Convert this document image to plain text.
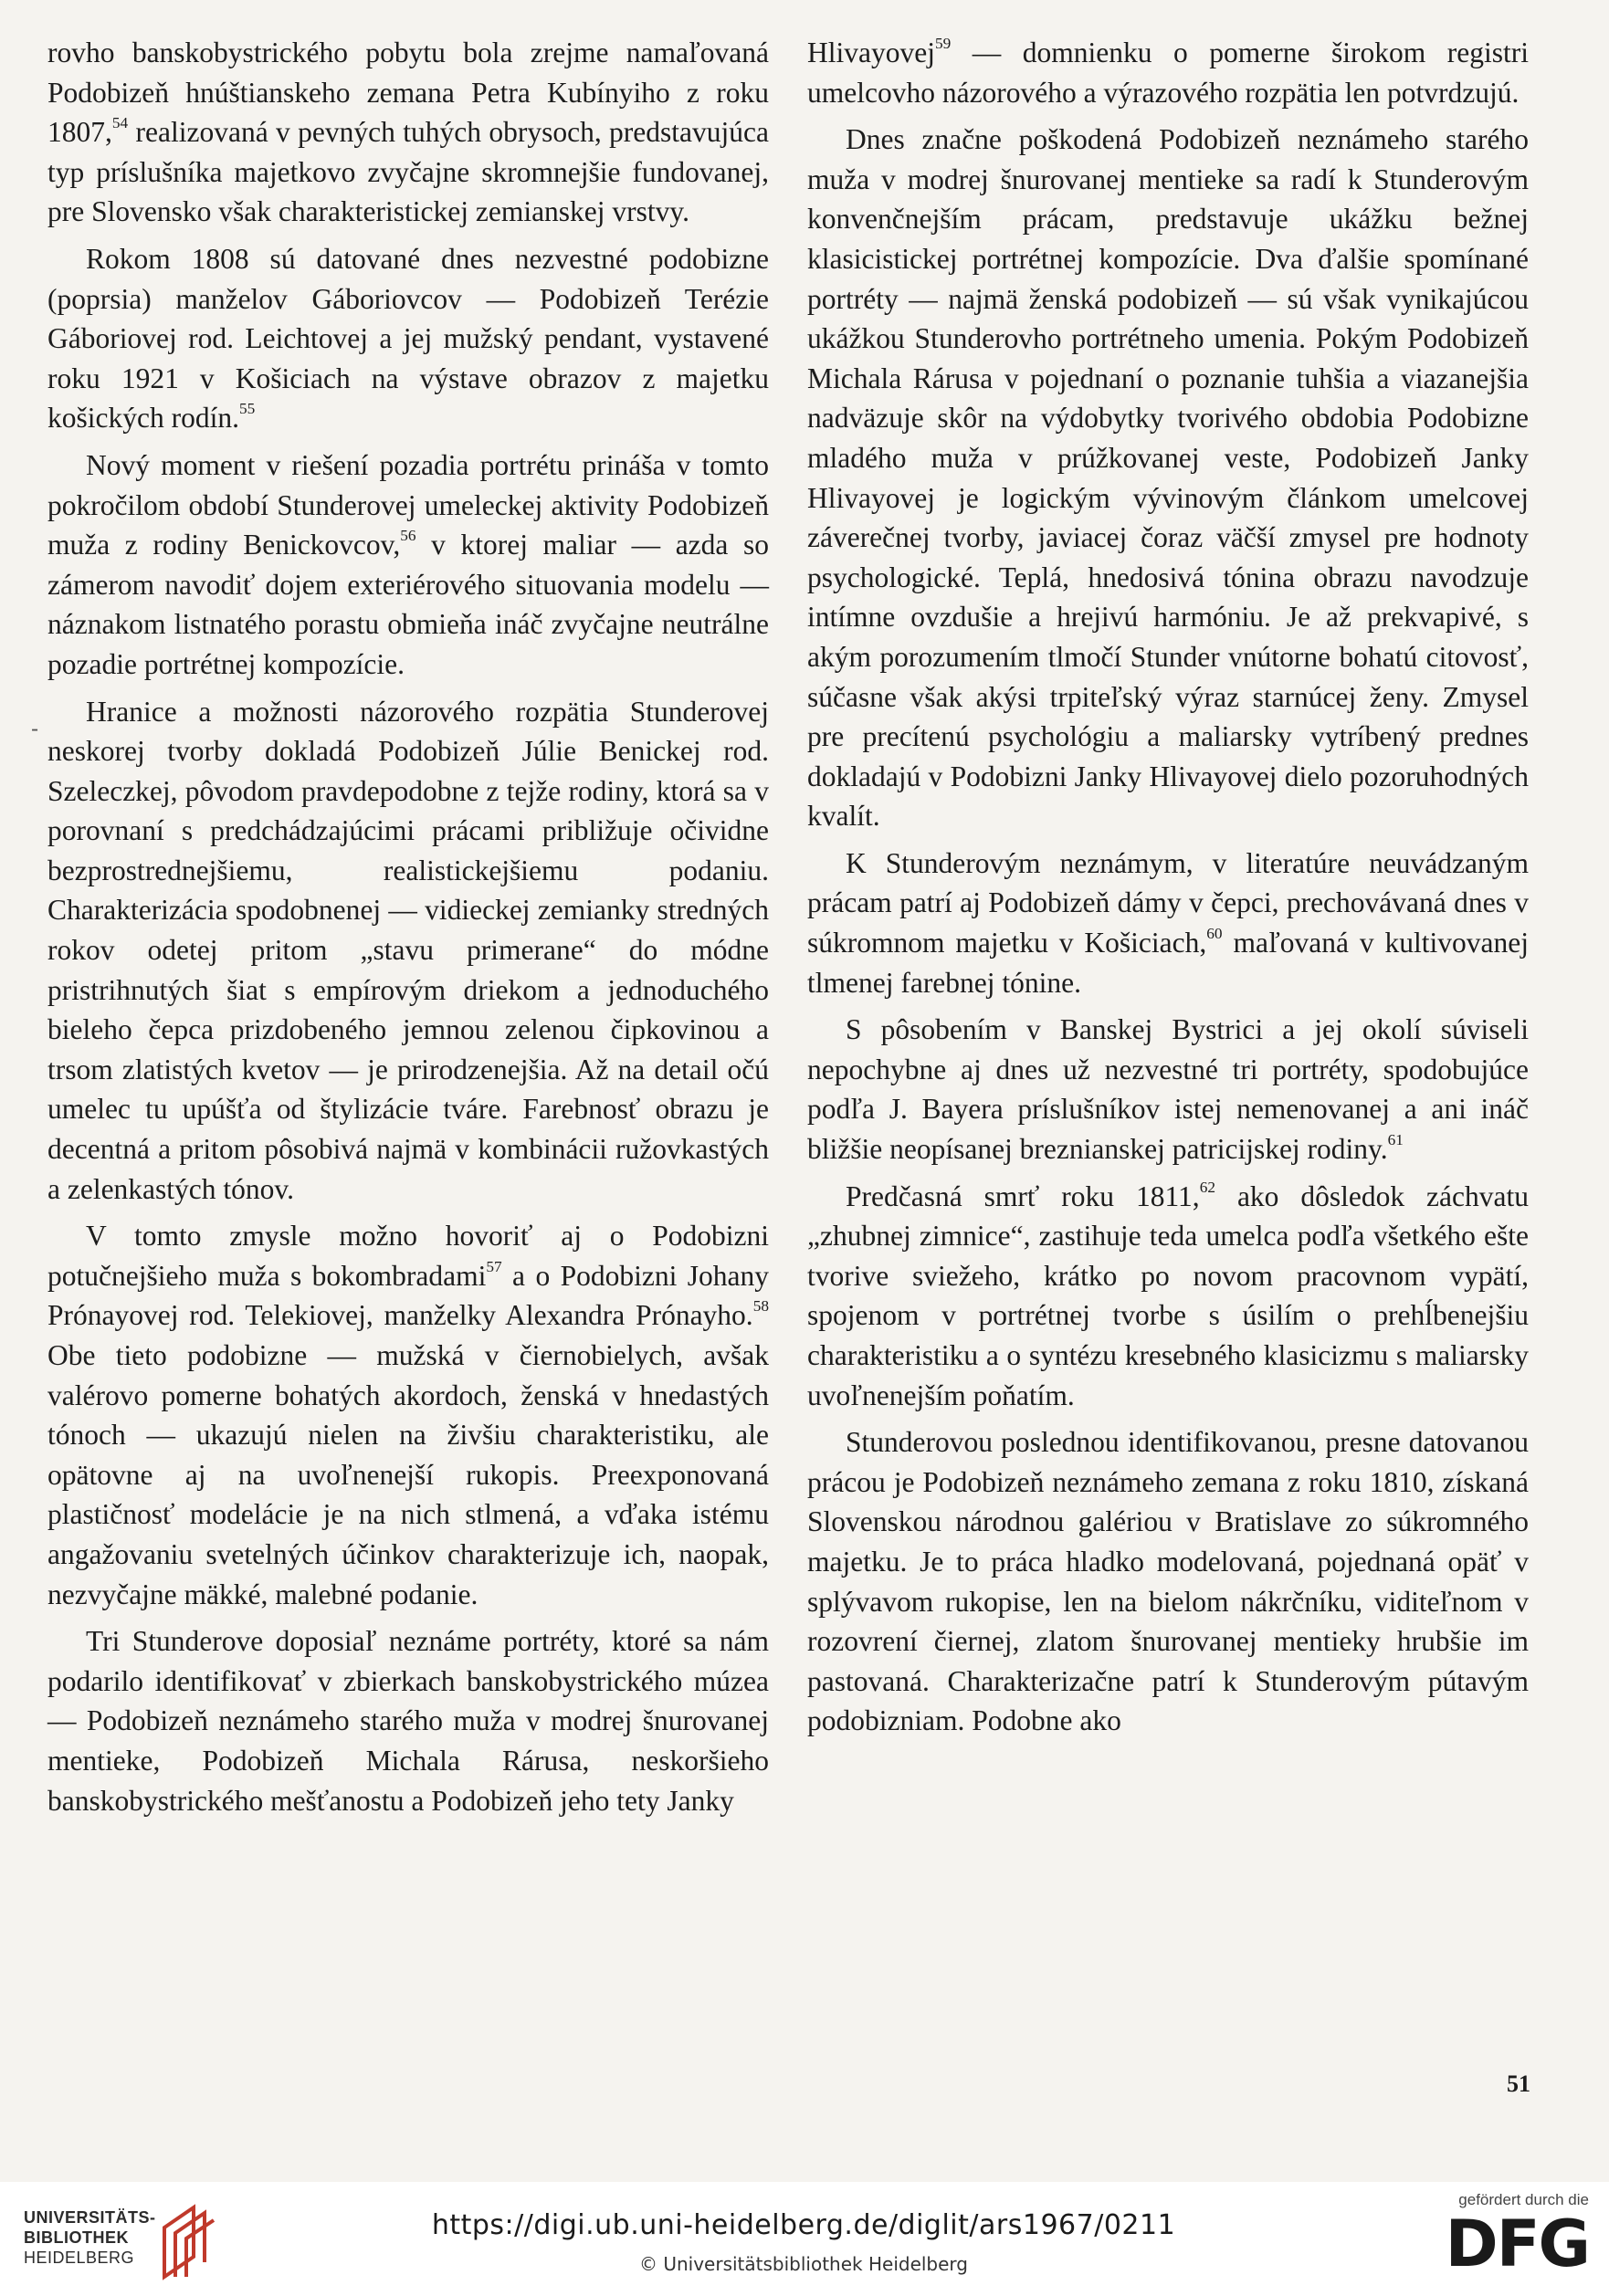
rovho banskobystrického pobytu bola zrejme namaľovaná Podobizeň hnúštianskeho zemana Petra Kubínyiho z roku 1807,54 realizovaná v pevných tuhých obrysoch, predstavujúca typ príslušníka majetkovo zvyčajne skromnejšie fundovanej, pre Slovensko však charakteristickej zemianskej vrstvy.

Rokom 1808 sú datované dnes nezvestné podobizne (poprsia) manželov Gáboriovcov — Podobizeň Terézie Gáboriovej rod. Leichtovej a jej mužský pendant, vystavené roku 1921 v Košiciach na výstave obrazov z majetku košických rodín.$^{55}$

Nový moment v riešení pozadia portrétu prináša v tomto pokročilom období Stunderovej umeleckej aktivity Podobizeň muža z rodiny Benickovcov,$^{56}$ v ktorej maliar — azda so zámerom navodiť dojem exteriérového situovania modelu — náznakom listnatého porastu obmieňa ináč zvyčajne neutrálne pozadie portrétnej kompozície.

Hranice a možnosti názorového rozpätia Stunderovej neskorej tvorby dokladá Podobizeň Júlie Benickej rod. Szeleczkej, pôvodom pravdepodobne z tejže rodiny, ktorá sa v porovnaní s predchádzajúcimi prácami približuje očividne bezprostrednejšiemu, realistickejšiemu podaniu. Charakterizácia spodobnenej — vidieckej zemianky stredných rokov odetej pritom „stavu primerane“ do módne pristrihnutých šiat s empírovým driekom a jednoduchého bieleho čepca prizdobeného jemnou zelenou čipkovinou a trsom zlatistých kvetov — je prirodzenejšia. Až na detail očú umelec tu upúšťa od štylizácie tváre. Farebnosť obrazu je decentná a pritom pôsobivá najmä v kombinácii ružovkastých a zelenkastých tónov.

V tomto zmysle možno hovoriť aj o Podobizni potučnejšieho muža s bokombradami$^{57}$ a o Podobizni Johany Prónayovej rod. Telekiovej, manželky Alexandra Prónayho.$^{58}$ Obe tieto podobizne — mužská v čiernobielych, avšak valérovo pomerne bohatých akordoch, ženská v hnedastých tónoch — ukazujú nielen na živšiu charakteristiku, ale opätovne aj na uvoľnenejší rukopis. Preexponovaná plastičnosť modelácie je na nich stlmená, a vďaka istému angažovaniu svetelných účinkov charakterizuje ich, naopak, nezvyčajne mäkké, malebné podanie.

Tri Stunderove doposiaľ neznáme portréty, ktoré sa nám podarilo identifikovať v zbierkach banskobystrického múzea — Podobizeň neznámeho starého muža v modrej šnurovanej mentieke, Podobizeň Michala Rárusa, neskoršieho banskobystrického mešťanostu a Podobizeň jeho tety Janky

Hlivayovej$^{59}$ — domnienku o pomerne širokom registri umelcovho názorového a výrazového rozpätia len potvrdzujú.

Dnes značne poškodená Podobizeň neznámeho starého muža v modrej šnurovanej mentieke sa radí k Stunderovým konvenčnejším prácam, predstavuje ukážku bežnej klasicistickej portrétnej kompozície. Dva ďalšie spomínané portréty — najmä ženská podobizeň — sú však vynikajúcou ukážkou Stunderovho portrétneho umenia. Pokým Podobizeň Michala Rárusa v pojednaní o poznanie tuhšia a viazanejšia nadväzuje skôr na výdobytky tvorivého obdobia Podobizne mladého muža v prúžkovanej veste, Podobizeň Janky Hlivayovej je logickým vývinovým článkom umelcovej záverečnej tvorby, javiacej čoraz väčší zmysel pre hodnoty psychologické. Teplá, hnedosivá tónina obrazu navodzuje intímne ovzdušie a hrejivú harmóniu. Je až prekvapivé, s akým porozumením tlmočí Stunder vnútorne bohatú citovosť, súčasne však akýsi trpiteľský výraz starnúcej ženy. Zmysel pre precítenú psychológiu a maliarsky vytríbený prednes dokladajú v Podobizni Janky Hlivayovej dielo pozoruhodných kvalít.

K Stunderovým neznámym, v literatúre neuvádzaným prácam patrí aj Podobizeň dámy v čepci, prechovávaná dnes v súkromnom majetku v Košiciach,$^{60}$ maľovaná v kultivovanej tlmenej farebnej tónine.

S pôsobením v Banskej Bystrici a jej okolí súviseli nepochybne aj dnes už nezvestné tri portréty, spodobujúce podľa J. Bayera príslušníkov istej nemenovanej a ani ináč bližšie neopísanej breznianskej patricijskej rodiny.$^{61}$

Predčasná smrť roku 1811,62 ako dôsledok záchvatu „zhubnej zimnice“, zastihuje teda umelca podľa všetkého ešte tvorive sviežeho, krátko po novom pracovnom vypätí, spojenom v portrétnej tvorbe s úsilím o prehĺbenejšiu charakteristiku a o syntézu kresebného klasicizmu s maliarsky uvoľnenejším poňatím.

Stunderovou poslednou identifikovanou, presne datovanou prácou je Podobizeň neznámeho zemana z roku 1810, získaná Slovenskou národnou galériou v Bratislave zo súkromného majetku. Je to práca hladko modelovaná, pojednaná opäť v splývavom rukopise, len na bielom nákrčníku, viditeľnom v rozovrení čiernej, zlatom šnurovanej mentieky hrubšie im pastovaná. Charakterizačne patrí k Stunderovým pútavým podobizniam. Podobne ako

-
51
UNIVERSITÄTS-
BIBLIOTHEK
HEIDELBERG
https://digi.ub.uni-heidelberg.de/diglit/ars1967/0211
© Universitätsbibliothek Heidelberg
gefördert durch die
DFG
